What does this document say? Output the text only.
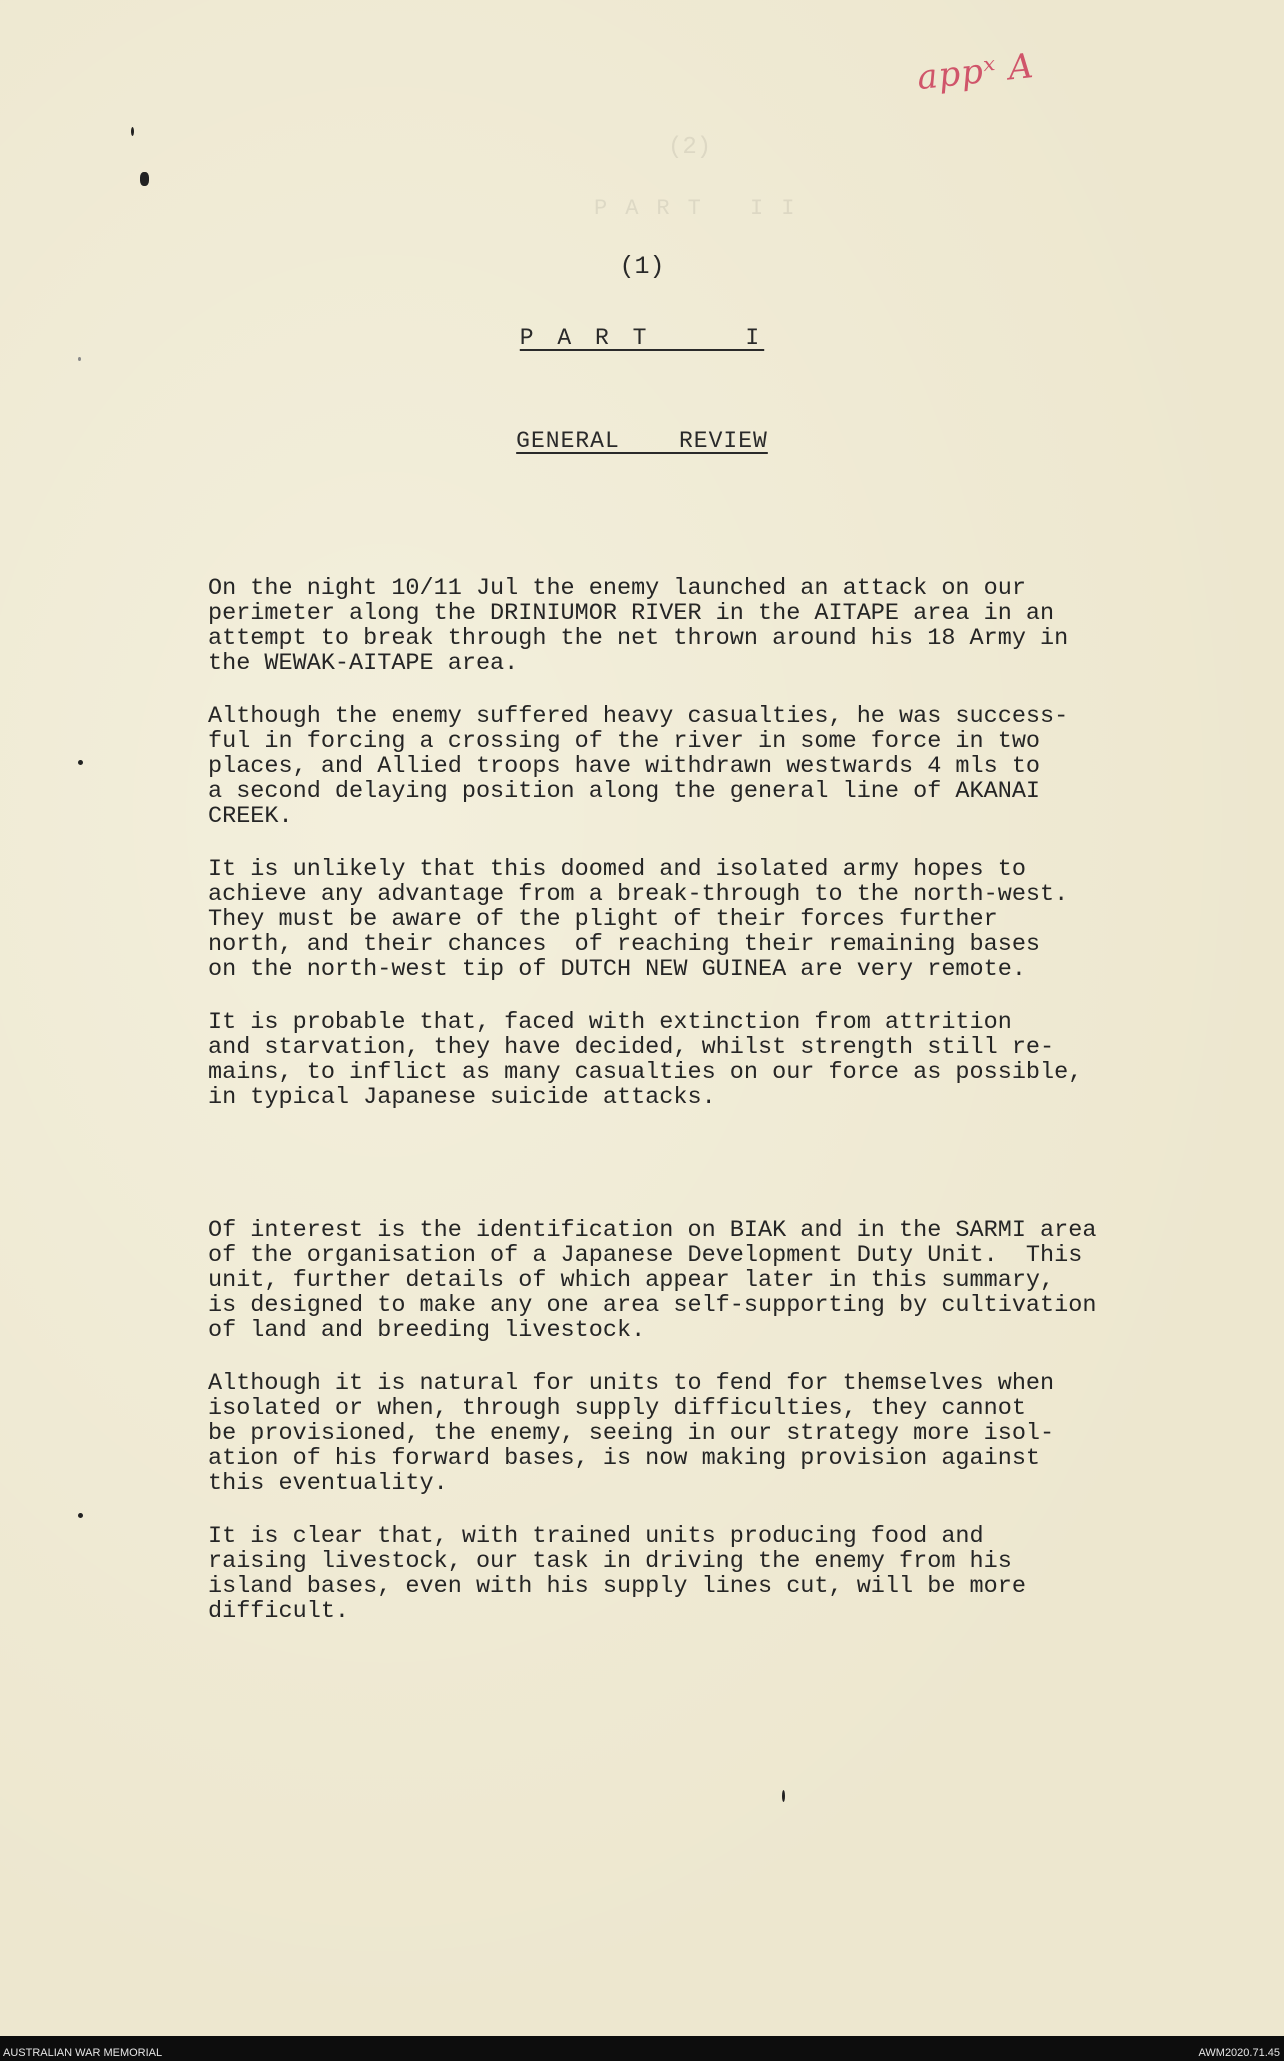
appˣ A
(2)
PART II
(1)
P A R T     I
GENERAL    REVIEW

On the night 10/11 Jul the enemy launched an attack on our
perimeter along the DRINIUMOR RIVER in the AITAPE area in an
attempt to break through the net thrown around his 18 Army in
the WEWAK-AITAPE area.

Although the enemy suffered heavy casualties, he was success-
ful in forcing a crossing of the river in some force in two
places, and Allied troops have withdrawn westwards 4 mls to
a second delaying position along the general line of AKANAI
CREEK.

It is unlikely that this doomed and isolated army hopes to
achieve any advantage from a break-through to the north-west.
They must be aware of the plight of their forces further
north, and their chances  of reaching their remaining bases
on the north-west tip of DUTCH NEW GUINEA are very remote.

It is probable that, faced with extinction from attrition
and starvation, they have decided, whilst strength still re-
mains, to inflict as many casualties on our force as possible,
in typical Japanese suicide attacks.

Of interest is the identification on BIAK and in the SARMI area
of the organisation of a Japanese Development Duty Unit.  This
unit, further details of which appear later in this summary,
is designed to make any one area self-supporting by cultivation
of land and breeding livestock.

Although it is natural for units to fend for themselves when
isolated or when, through supply difficulties, they cannot
be provisioned, the enemy, seeing in our strategy more isol-
ation of his forward bases, is now making provision against
this eventuality.

It is clear that, with trained units producing food and
raising livestock, our task in driving the enemy from his
island bases, even with his supply lines cut, will be more
difficult.

AUSTRALIAN WAR MEMORIAL	AWM2020.71.45
